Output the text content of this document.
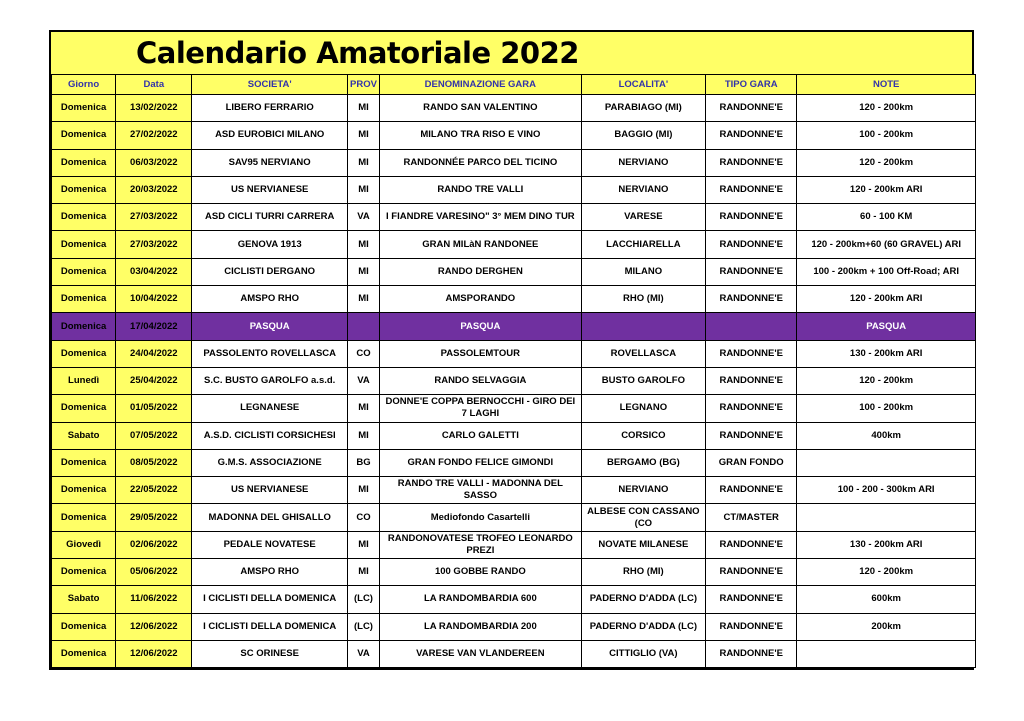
Calendario Amatoriale 2022
Giorno	Data	SOCIETA'	PROV	DENOMINAZIONE GARA	LOCALITA'	TIPO GARA	NOTE
Domenica	13/02/2022	LIBERO FERRARIO	MI	RANDO SAN VALENTINO	PARABIAGO (MI)	RANDONNE'E	120 - 200km
Domenica	27/02/2022	ASD EUROBICI MILANO	MI	MILANO TRA RISO E VINO	BAGGIO (MI)	RANDONNE'E	100 - 200km
Domenica	06/03/2022	SAV95 NERVIANO	MI	RANDONNÉE PARCO DEL TICINO	NERVIANO	RANDONNE'E	120 - 200km
Domenica	20/03/2022	US NERVIANESE	MI	RANDO TRE VALLI	NERVIANO	RANDONNE'E	120 - 200km ARI
Domenica	27/03/2022	ASD CICLI TURRI CARRERA	VA	I FIANDRE VARESINO" 3° MEM DINO TUR	VARESE	RANDONNE'E	60 - 100 KM
Domenica	27/03/2022	GENOVA 1913	MI	GRAN MILàN RANDONEE	LACCHIARELLA	RANDONNE'E	120 - 200km+60 (60 GRAVEL) ARI
Domenica	03/04/2022	CICLISTI DERGANO	MI	RANDO DERGHEN	MILANO	RANDONNE'E	100 - 200km + 100 Off-Road; ARI
Domenica	10/04/2022	AMSPO RHO	MI	AMSPORANDO	RHO (MI)	RANDONNE'E	120 - 200km ARI
Domenica	17/04/2022	PASQUA		PASQUA			PASQUA
Domenica	24/04/2022	PASSOLENTO ROVELLASCA	CO	PASSOLEMTOUR	ROVELLASCA	RANDONNE'E	130 - 200km ARI
Lunedì	25/04/2022	S.C. BUSTO GAROLFO a.s.d.	VA	RANDO SELVAGGIA	BUSTO GAROLFO	RANDONNE'E	120 - 200km
Domenica	01/05/2022	LEGNANESE	MI	DONNE'E COPPA BERNOCCHI - GIRO DEI 7 LAGHI	LEGNANO	RANDONNE'E	100 - 200km
Sabato	07/05/2022	A.S.D. CICLISTI CORSICHESI	MI	CARLO GALETTI	CORSICO	RANDONNE'E	400km
Domenica	08/05/2022	G.M.S. ASSOCIAZIONE	BG	GRAN FONDO FELICE GIMONDI	BERGAMO (BG)	GRAN FONDO	
Domenica	22/05/2022	US NERVIANESE	MI	RANDO TRE VALLI - MADONNA DEL SASSO	NERVIANO	RANDONNE'E	100 - 200 - 300km ARI
Domenica	29/05/2022	MADONNA DEL GHISALLO	CO	Mediofondo Casartelli	ALBESE CON CASSANO (CO	CT/MASTER	
Giovedì	02/06/2022	PEDALE NOVATESE	MI	RANDONOVATESE TROFEO LEONARDO PREZI	NOVATE MILANESE	RANDONNE'E	130 - 200km ARI
Domenica	05/06/2022	AMSPO RHO	MI	100 GOBBE RANDO	RHO (MI)	RANDONNE'E	120 - 200km
Sabato	11/06/2022	I CICLISTI DELLA DOMENICA	(LC)	LA RANDOMBARDIA 600	PADERNO D'ADDA (LC)	RANDONNE'E	600km
Domenica	12/06/2022	I CICLISTI DELLA DOMENICA	(LC)	LA RANDOMBARDIA 200	PADERNO D'ADDA (LC)	RANDONNE'E	200km
Domenica	12/06/2022	SC ORINESE	VA	VARESE VAN VLANDEREEN	CITTIGLIO (VA)	RANDONNE'E	
